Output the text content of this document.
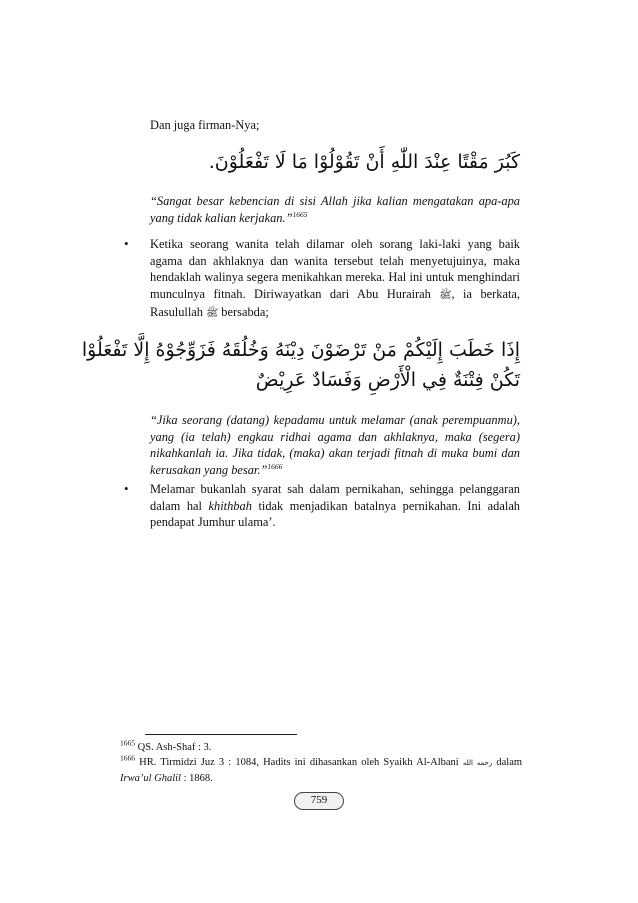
Dan juga firman-Nya;
كَبُرَ مَقْتًا عِنْدَ اللّٰهِ أَنْ تَقُوْلُوْا مَا لَا تَفْعَلُوْنَ.
“Sangat besar kebencian di sisi Allah jika kalian mengatakan apa-apa yang tidak kalian kerjakan.”$^{1665}$
• Ketika seorang wanita telah dilamar oleh sorang laki-laki yang baik agama dan akhlaknya dan wanita tersebut telah menyetujuinya, maka hendaklah walinya segera menikahkan mereka. Hal ini untuk menghindari munculnya fitnah. Diriwayatkan dari Abu Hurairah ﷺ, ia berkata, Rasulullah ﷺ bersabda;
إِذَا خَطَبَ إِلَيْكُمْ مَنْ تَرْضَوْنَ دِيْنَهُ وَخُلُقَهُ فَزَوِّجُوْهُ إِلَّا تَفْعَلُوْا
تَكُنْ فِتْنَةٌ فِي الْأَرْضِ وَفَسَادٌ عَرِيْضٌ
“Jika seorang (datang) kepadamu untuk melamar (anak perempuanmu), yang (ia telah) engkau ridhai agama dan akhlaknya, maka (segera) nikahkanlah ia. Jika tidak, (maka) akan terjadi fitnah di muka bumi dan kerusakan yang besar.”$^{1666}$
• Melamar bukanlah syarat sah dalam pernikahan, sehingga pelanggaran dalam hal khithbah tidak menjadikan batalnya pernikahan. Ini adalah pendapat Jumhur ulama’.
$^{1665}$ QS. Ash-Shaf : 3.
$^{1666}$ HR. Tirmidzi Juz 3 : 1084, Hadits ini dihasankan oleh Syaikh Al-Albani رحمه الله dalam Irwa’ul Ghalil : 1868.
759
